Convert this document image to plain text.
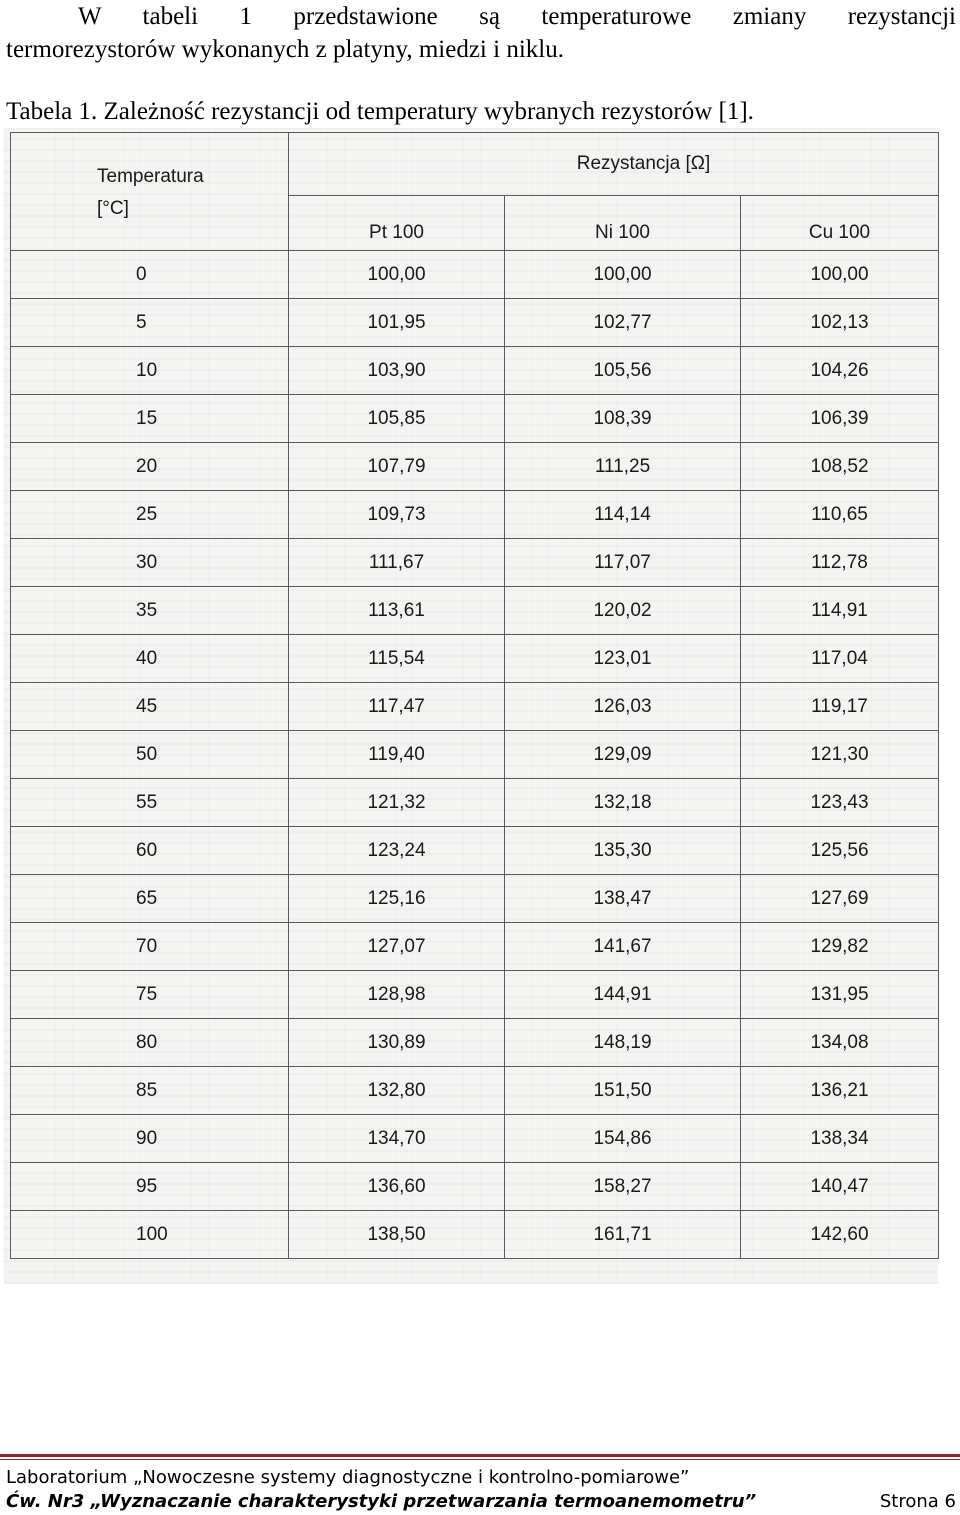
W tabeli 1 przedstawione są temperaturowe zmiany rezystancji
termorezystorów wykonanych z platyny, miedzi i niklu.
Tabela 1. Zależność rezystancji od temperatury wybranych rezystorów [1].
Temperatura
[°C]	Rezystancja [Ω]		
	Pt 100	Ni 100	Cu 100
0	100,00	100,00	100,00
5	101,95	102,77	102,13
10	103,90	105,56	104,26
15	105,85	108,39	106,39
20	107,79	111,25	108,52
25	109,73	114,14	110,65
30	111,67	117,07	112,78
35	113,61	120,02	114,91
40	115,54	123,01	117,04
45	117,47	126,03	119,17
50	119,40	129,09	121,30
55	121,32	132,18	123,43
60	123,24	135,30	125,56
65	125,16	138,47	127,69
70	127,07	141,67	129,82
75	128,98	144,91	131,95
80	130,89	148,19	134,08
85	132,80	151,50	136,21
90	134,70	154,86	138,34
95	136,60	158,27	140,47
100	138,50	161,71	142,60
Laboratorium „Nowoczesne systemy diagnostyczne i kontrolno-pomiarowe”
Ćw. Nr3 „Wyznaczanie charakterystyki przetwarzania termoanemometru”	Strona 6
